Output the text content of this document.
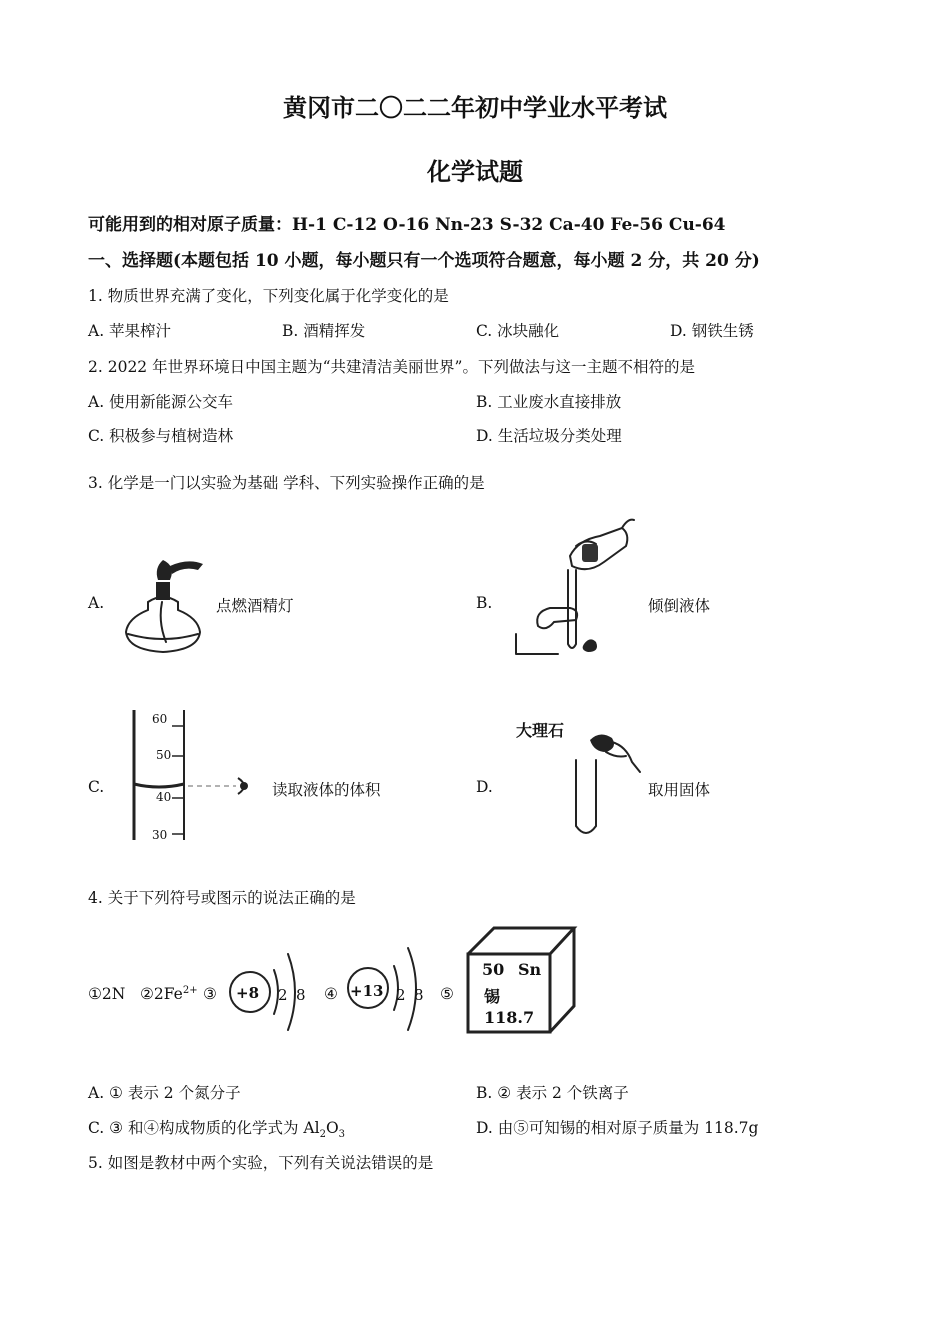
黄冈市二〇二二年初中学业水平考试
化学试题
可能用到的相对原子质量：H-1 C-12 O-16 Nn-23 S-32 Ca-40 Fe-56 Cu-64
一、选择题(本题包括 10 小题，每小题只有一个选项符合题意，每小题 2 分，共 20 分)
1. 物质世界充满了变化，下列变化属于化学变化的是
A. 苹果榨汁	B. 酒精挥发	C. 冰块融化	D. 钢铁生锈
2. 2022 年世界环境日中国主题为“共建清洁美丽世界”。下列做法与这一主题不相符的是
A. 使用新能源公交车	B. 工业废水直接排放
C. 积极参与植树造林	D. 生活垃圾分类处理
3. 化学是一门以实验为基础 学科、下列实验操作正确的是
A.	点燃酒精灯	B.	倾倒液体
C.
60
50
40
30
读取液体的体积	D.
大理石
取用固体
4. 关于下列符号或图示的说法正确的是
①2N $②2Fe^{2+}$ ③ +8 2 8 ④ +13 2 8 ⑤
50 Sn
锡
118.7
A. ① 表示 2 个氮分子	B. ② 表示 2 个铁离子
C. ③ 和④构成物质的化学式为 $Al_2O_3$	D. 由⑤可知锡的相对原子质量为 118.7g
5. 如图是教材中两个实验，下列有关说法错误的是
